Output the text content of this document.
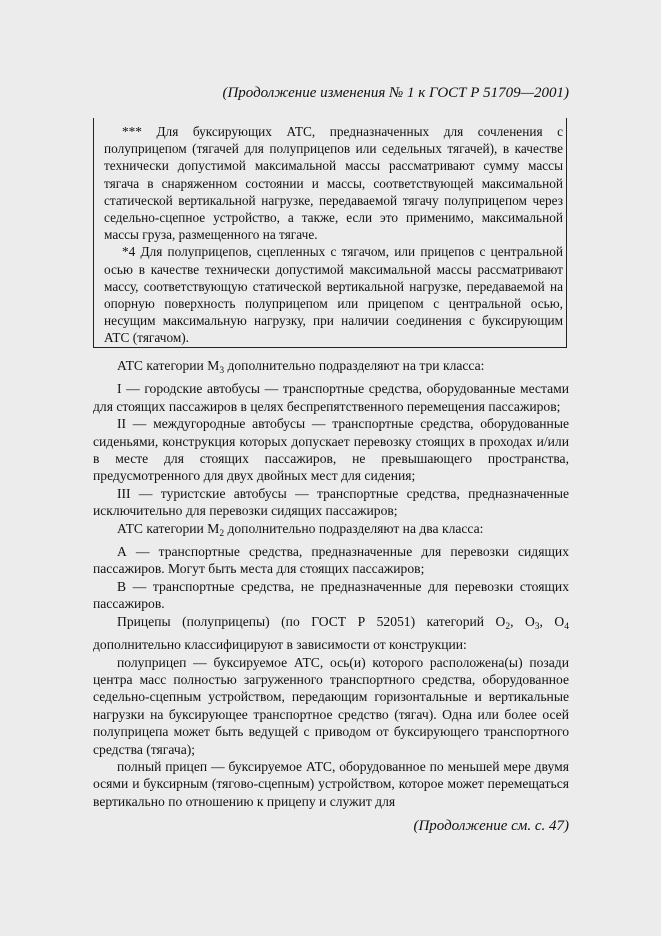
(Продолжение изменения № 1 к ГОСТ Р 51709—2001)

*** Для буксирующих АТС, предназначенных для сочленения с полуприцепом (тягачей для полуприцепов или седельных тягачей), в качестве технически допустимой максимальной массы рассматривают сумму массы тягача в снаряженном состоянии и массы, соответствующей максимальной статической вертикальной нагрузке, передаваемой тягачу полуприцепом через седельно-сцепное устройство, а также, если это применимо, максимальной массы груза, размещенного на тягаче.

*4 Для полуприцепов, сцепленных с тягачом, или прицепов с центральной осью в качестве технически допустимой максимальной массы рассматривают массу, соответствующую статической вертикальной нагрузке, передаваемой на опорную поверхность полуприцепом или прицепом с центральной осью, несущим максимальную нагрузку, при наличии соединения с буксирующим АТС (тягачом).

АТС категории $М_3$ дополнительно подразделяют на три класса:

I — городские автобусы — транспортные средства, оборудованные местами для стоящих пассажиров в целях беспрепятственного перемещения пассажиров;

II — междугородные автобусы — транспортные средства, оборудованные сиденьями, конструкция которых допускает перевозку стоящих в проходах и/или в месте для стоящих пассажиров, не превышающего пространства, предусмотренного для двух двойных мест для сидения;

III — туристские автобусы — транспортные средства, предназначенные исключительно для перевозки сидящих пассажиров;

АТС категории $М_2$ дополнительно подразделяют на два класса:

А — транспортные средства, предназначенные для перевозки сидящих пассажиров. Могут быть места для стоящих пассажиров;

В — транспортные средства, не предназначенные для перевозки стоящих пассажиров.

Прицепы (полуприцепы) (по ГОСТ Р 52051) категорий $О_2$, $О_3$, $О_4$ дополнительно классифицируют в зависимости от конструкции:

полуприцеп — буксируемое АТС, ось(и) которого расположена(ы) позади центра масс полностью загруженного транспортного средства, оборудованное седельно-сцепным устройством, передающим горизонтальные и вертикальные нагрузки на буксирующее транспортное средство (тягач). Одна или более осей полуприцепа может быть ведущей с приводом от буксирующего транспортного средства (тягача);

полный прицеп — буксируемое АТС, оборудованное по меньшей мере двумя осями и буксирным (тягово-сцепным) устройством, которое может перемещаться вертикально по отношению к прицепу и служит для

(Продолжение см. с. 47)
